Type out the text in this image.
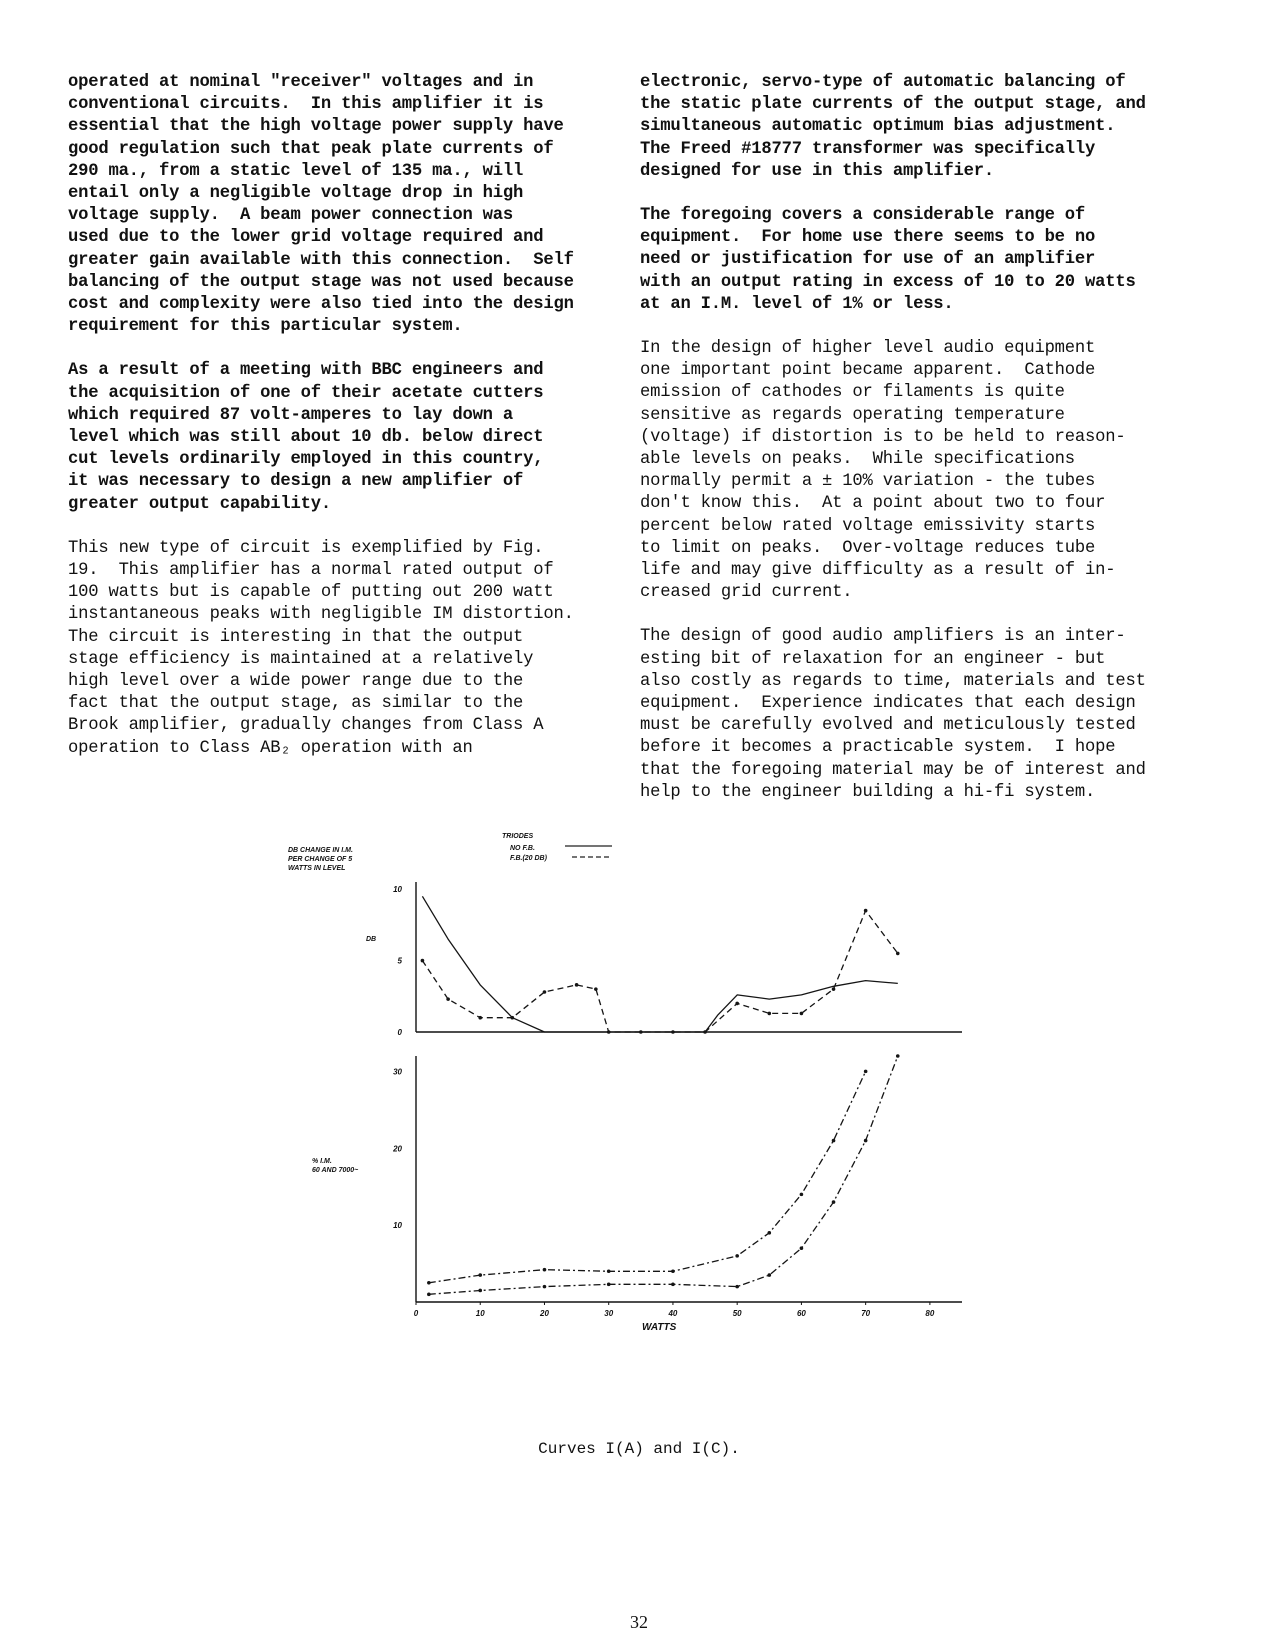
operated at nominal "receiver" voltages and in
conventional circuits.  In this amplifier it is
essential that the high voltage power supply have
good regulation such that peak plate currents of
290 ma., from a static level of 135 ma., will
entail only a negligible voltage drop in high
voltage supply.  A beam power connection was
used due to the lower grid voltage required and
greater gain available with this connection.  Self
balancing of the output stage was not used because
cost and complexity were also tied into the design
requirement for this particular system.
As a result of a meeting with BBC engineers and
the acquisition of one of their acetate cutters
which required 87 volt-amperes to lay down a
level which was still about 10 db. below direct
cut levels ordinarily employed in this country,
it was necessary to design a new amplifier of
greater output capability.
This new type of circuit is exemplified by Fig.
19.  This amplifier has a normal rated output of
100 watts but is capable of putting out 200 watt
instantaneous peaks with negligible IM distortion.
The circuit is interesting in that the output
stage efficiency is maintained at a relatively
high level over a wide power range due to the
fact that the output stage, as similar to the
Brook amplifier, gradually changes from Class A
operation to Class AB₂ operation with an
electronic, servo-type of automatic balancing of
the static plate currents of the output stage, and
simultaneous automatic optimum bias adjustment.
The Freed #18777 transformer was specifically
designed for use in this amplifier.
The foregoing covers a considerable range of
equipment.  For home use there seems to be no
need or justification for use of an amplifier
with an output rating in excess of 10 to 20 watts
at an I.M. level of 1% or less.
In the design of higher level audio equipment
one important point became apparent.  Cathode
emission of cathodes or filaments is quite
sensitive as regards operating temperature
(voltage) if distortion is to be held to reason-
able levels on peaks.  While specifications
normally permit a ± 10% variation - the tubes
don't know this.  At a point about two to four
percent below rated voltage emissivity starts
to limit on peaks.  Over-voltage reduces tube
life and may give difficulty as a result of in-
creased grid current.
The design of good audio amplifiers is an inter-
esting bit of relaxation for an engineer - but
also costly as regards to time, materials and test
equipment.  Experience indicates that each design
must be carefully evolved and meticulously tested
before it becomes a practicable system.  I hope
that the foregoing material may be of interest and
help to the engineer building a hi-fi system.
DB CHANGE IN I.M.
PER CHANGE OF 5
WATTS IN LEVEL
DB
TRIODES
NO F.B.
F.B.(20 DB)
% I.M.
60 AND 7000~
WATTS
0
5
10
10
20
30
0	10	20	30	40	50	60	70	80
Curves I(A) and I(C).
32
